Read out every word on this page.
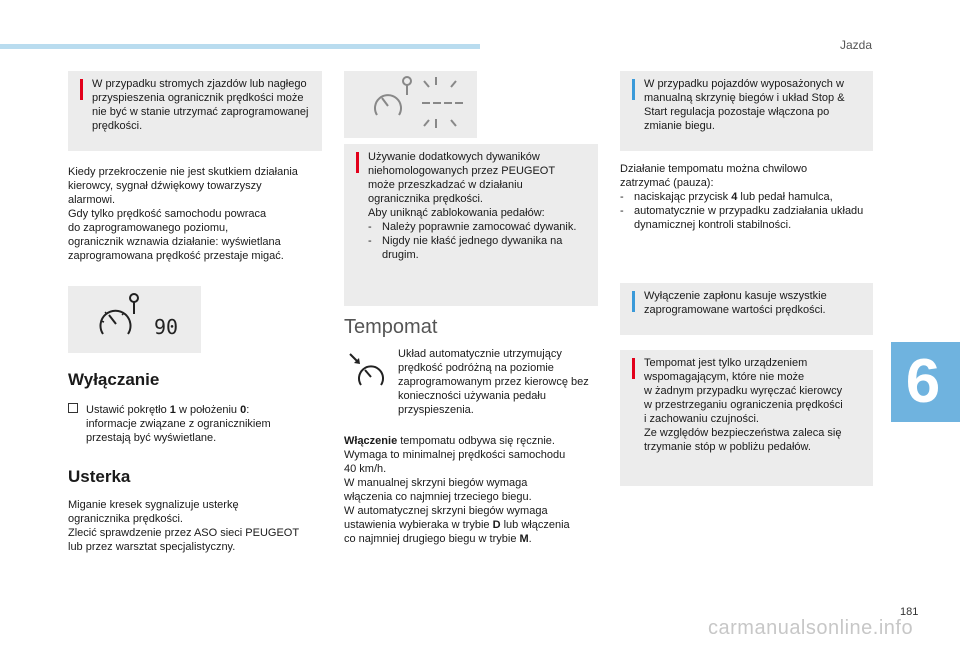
Jazda
6
181
carmanualsonline.info
W przypadku stromych zjazdów lub nagłego przyspieszenia ogranicznik prędkości może nie być w stanie utrzymać zaprogramowanej prędkości.
Kiedy przekroczenie nie jest skutkiem działania
kierowcy, sygnał dźwiękowy towarzyszy
alarmowi.
Gdy tylko prędkość samochodu powraca
do zaprogramowanego poziomu,
ogranicznik wznawia działanie: wyświetlana
zaprogramowana prędkość przestaje migać.
90
Wyłączanie
Ustawić pokrętło 1 w położeniu 0:
informacje związane z ogranicznikiem
przestają być wyświetlane.
Usterka
Miganie kresek sygnalizuje usterkę
ogranicznika prędkości.
Zlecić sprawdzenie przez ASO sieci PEUGEOT
lub przez warsztat specjalistyczny.
Używanie dodatkowych dywaników
niehomologowanych przez PEUGEOT
może przeszkadzać w działaniu
ogranicznika prędkości.
Aby uniknąć zablokowania pedałów:
- Należy poprawnie zamocować dywanik.
- Nigdy nie kłaść jednego dywanika na drugim.
Tempomat
Układ automatycznie utrzymujący prędkość podróżną na poziomie zaprogramowanym przez kierowcę bez konieczności używania pedału przyspieszenia.
Włączenie tempomatu odbywa się ręcznie.
Wymaga to minimalnej prędkości samochodu
40 km/h.
W manualnej skrzyni biegów wymaga
włączenia co najmniej trzeciego biegu.
W automatycznej skrzyni biegów wymaga
ustawienia wybieraka w trybie D lub włączenia
co najmniej drugiego biegu w trybie M.
W przypadku pojazdów wyposażonych w manualną skrzynię biegów i układ Stop & Start regulacja pozostaje włączona po zmianie biegu.
Działanie tempomatu można chwilowo
zatrzymać (pauza):
- naciskając przycisk 4 lub pedał hamulca,
- automatycznie w przypadku zadziałania układu dynamicznej kontroli stabilności.
Wyłączenie zapłonu kasuje wszystkie zaprogramowane wartości prędkości.
Tempomat jest tylko urządzeniem
wspomagającym, które nie może
w żadnym przypadku wyręczać kierowcy
w przestrzeganiu ograniczenia prędkości
i zachowaniu czujności.
Ze względów bezpieczeństwa zaleca się
trzymanie stóp w pobliżu pedałów.
